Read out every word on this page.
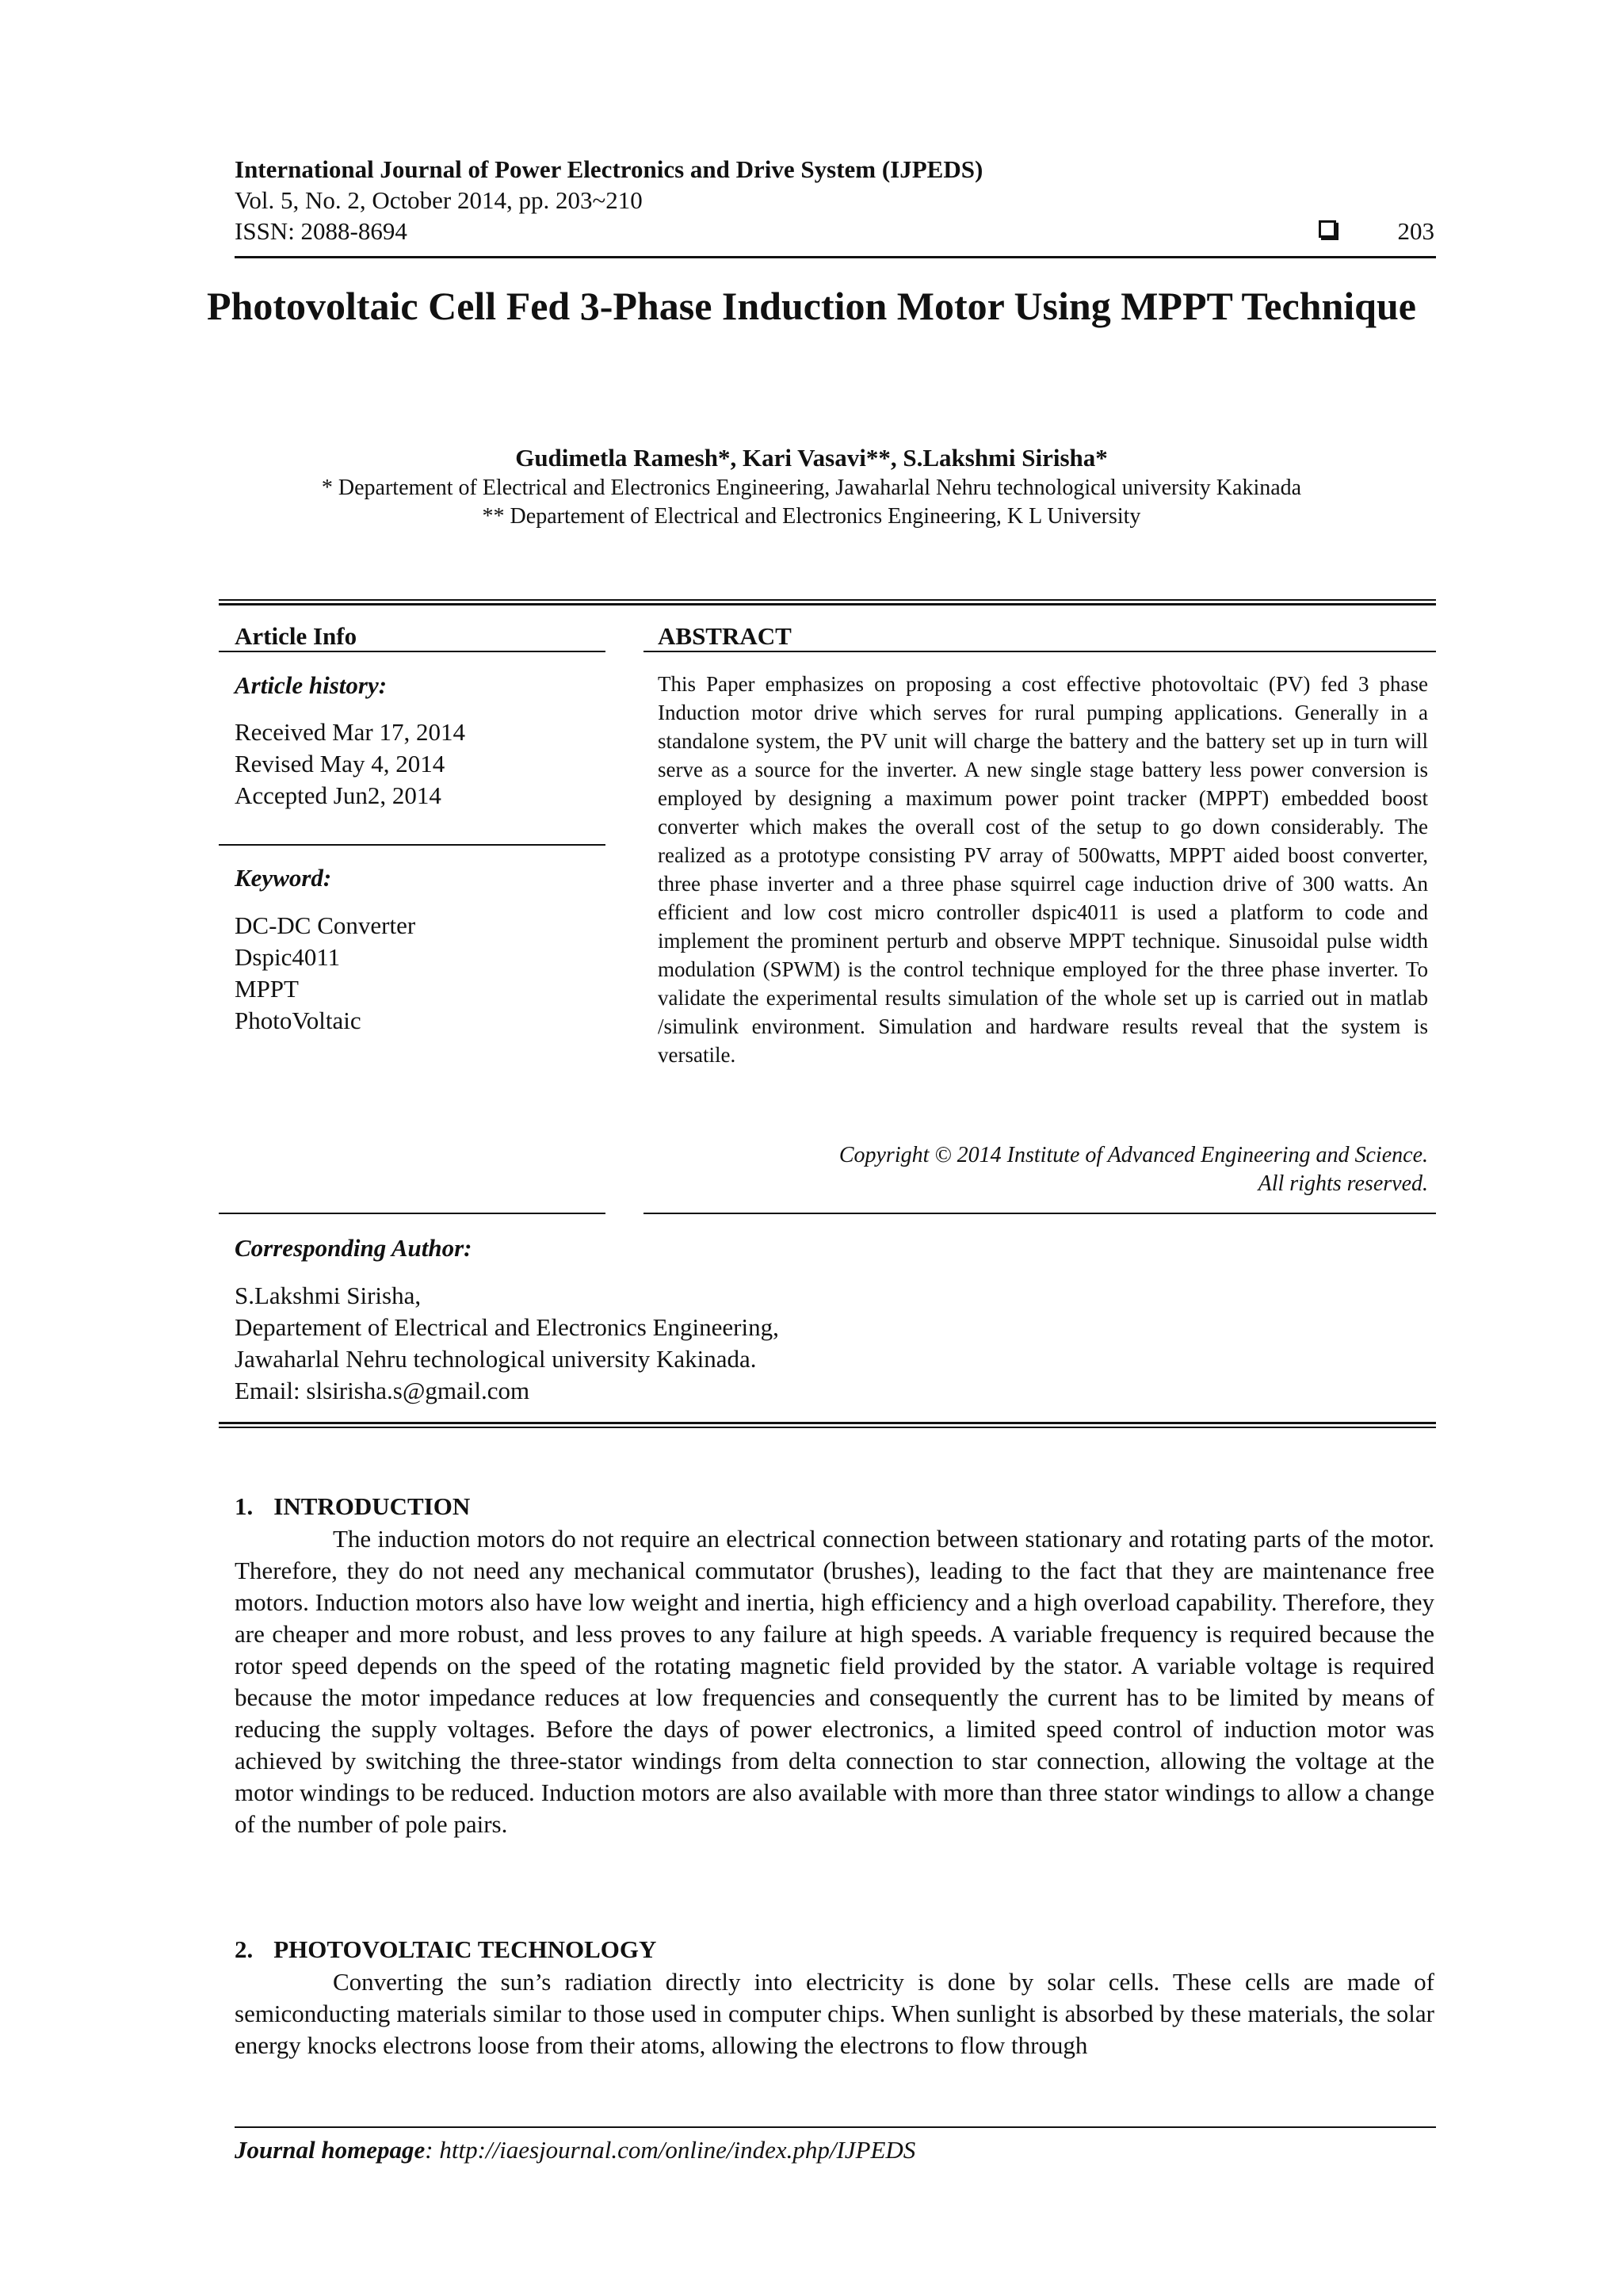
International Journal of Power Electronics and Drive System (IJPEDS)
Vol. 5, No. 2, October 2014, pp. 203~210
ISSN: 2088-8694	203
Photovoltaic Cell Fed 3-Phase Induction Motor Using MPPT Technique
Gudimetla Ramesh*, Kari Vasavi**, S.Lakshmi Sirisha*
* Departement of Electrical and Electronics Engineering, Jawaharlal Nehru technological university Kakinada
** Departement of Electrical and Electronics Engineering, K L University
Article Info
Article history:
Received Mar 17, 2014
Revised May 4, 2014
Accepted Jun2, 2014
Keyword:
DC-DC Converter
Dspic4011
MPPT
PhotoVoltaic
ABSTRACT

This Paper emphasizes on proposing a cost effective photovoltaic (PV) fed 3 phase Induction motor drive which serves for rural pumping applications. Generally in a standalone system, the PV unit will charge the battery and the battery set up in turn will serve as a source for the inverter. A new single stage battery less power conversion is employed by designing a maximum power point tracker (MPPT) embedded boost converter which makes the overall cost of the setup to go down considerably. The realized as a prototype consisting PV array of 500watts, MPPT aided boost converter, three phase inverter and a three phase squirrel cage induction drive of 300 watts. An efficient and low cost micro controller dspic4011 is used a platform to code and implement the prominent perturb and observe MPPT technique. Sinusoidal pulse width modulation (SPWM) is the control technique employed for the three phase inverter. To validate the experimental results simulation of the whole set up is carried out in matlab /simulink environment. Simulation and hardware results reveal that the system is versatile.

Copyright © 2014 Institute of Advanced Engineering and Science.
All rights reserved.
Corresponding Author:
S.Lakshmi Sirisha,
Departement of Electrical and Electronics Engineering,
Jawaharlal Nehru technological university Kakinada.
Email: slsirisha.s@gmail.com
1. INTRODUCTION

The induction motors do not require an electrical connection between stationary and rotating parts of the motor. Therefore, they do not need any mechanical commutator (brushes), leading to the fact that they are maintenance free motors. Induction motors also have low weight and inertia, high efficiency and a high overload capability. Therefore, they are cheaper and more robust, and less proves to any failure at high speeds. A variable frequency is required because the rotor speed depends on the speed of the rotating magnetic field provided by the stator. A variable voltage is required because the motor impedance reduces at low frequencies and consequently the current has to be limited by means of reducing the supply voltages. Before the days of power electronics, a limited speed control of induction motor was achieved by switching the three-stator windings from delta connection to star connection, allowing the voltage at the motor windings to be reduced. Induction motors are also available with more than three stator windings to allow a change of the number of pole pairs.

2. PHOTOVOLTAIC TECHNOLOGY

Converting the sun’s radiation directly into electricity is done by solar cells. These cells are made of semiconducting materials similar to those used in computer chips. When sunlight is absorbed by these materials, the solar energy knocks electrons loose from their atoms, allowing the electrons to flow through

Journal homepage: http://iaesjournal.com/online/index.php/IJPEDS
